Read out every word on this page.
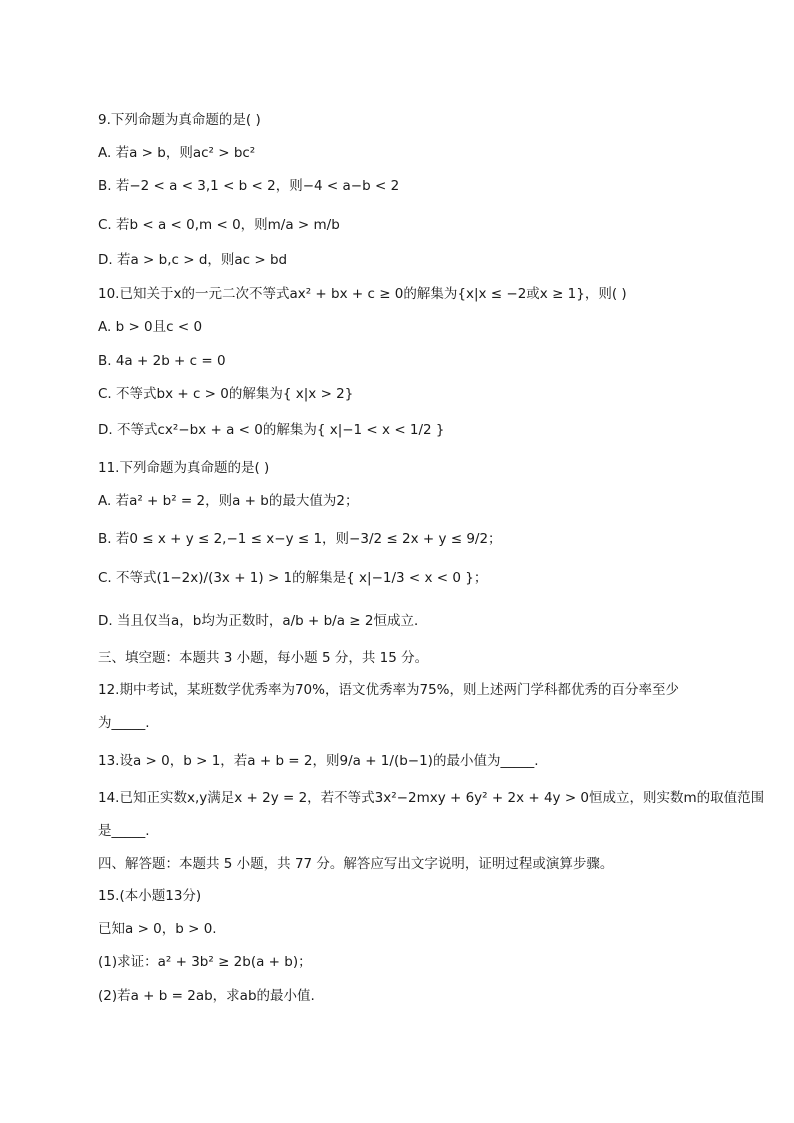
9.下列命题为真命题的是( )
A. 若a > b，则ac² > bc²
B. 若−2 < a < 3,1 < b < 2，则−4 < a−b < 2
C. 若b < a < 0,m < 0，则m/a > m/b
D. 若a > b,c > d，则ac > bd
10.已知关于x的一元二次不等式ax² + bx + c ≥ 0的解集为{x|x ≤ −2或x ≥ 1}，则( )
A. b > 0且c < 0
B. 4a + 2b + c = 0
C. 不等式bx + c > 0的解集为{ x|x > 2}
D. 不等式cx²−bx + a < 0的解集为{ x|−1 < x < 1/2 }
11.下列命题为真命题的是( )
A. 若a² + b² = 2，则a + b的最大值为2；
B. 若0 ≤ x + y ≤ 2,−1 ≤ x−y ≤ 1，则−3/2 ≤ 2x + y ≤ 9/2；
C. 不等式(1−2x)/(3x + 1) > 1的解集是{ x|−1/3 < x < 0 }；
D. 当且仅当a，b均为正数时，a/b + b/a ≥ 2恒成立．
三、填空题：本题共 3 小题，每小题 5 分，共 15 分。
12.期中考试，某班数学优秀率为70%，语文优秀率为75%，则上述两门学科都优秀的百分率至少
为_____.
13.设a > 0，b > 1，若a + b = 2，则9/a + 1/(b−1)的最小值为_____.
14.已知正实数x,y满足x + 2y = 2，若不等式3x²−2mxy + 6y² + 2x + 4y > 0恒成立，则实数m的取值范围
是_____.
四、解答题：本题共 5 小题，共 77 分。解答应写出文字说明，证明过程或演算步骤。
15.(本小题13分)
已知a > 0，b > 0.
(1)求证：a² + 3b² ≥ 2b(a + b)；
(2)若a + b = 2ab，求ab的最小值.
